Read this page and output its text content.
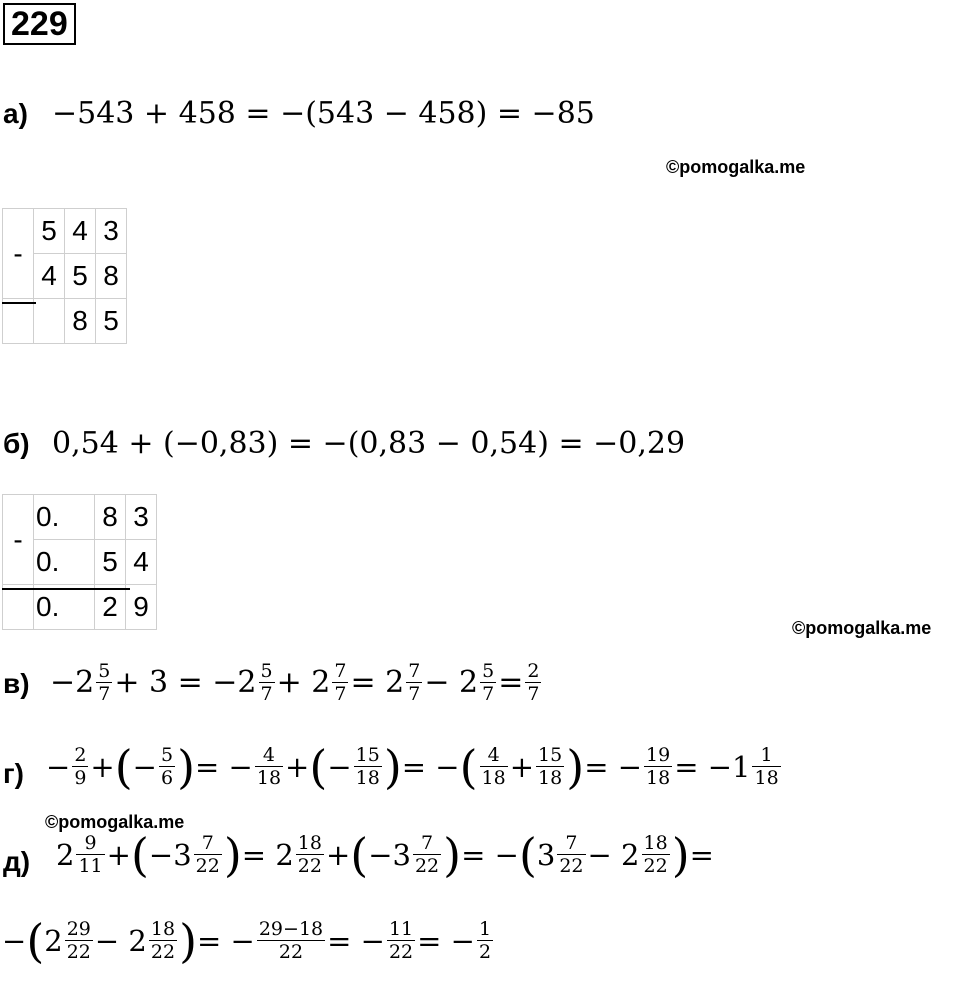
229
а) −543 + 458 = −(543 − 458) = −85
©pomogalka.me
-	5	4	3
	4	5	8
		8	5
б) 0,54 + (−0,83) = −(0,83 − 0,54) = −0,29
-	0.	8	3
	0.	5	4
	0.	2	9
©pomogalka.me
$в) -2 \frac{5}{7} + 3 = -2 \frac{5}{7} + 2 \frac{7}{7} = 2 \frac{7}{7} - 2 \frac{5}{7} = \frac{2}{7}$
$г) - \frac{2}{9}$ + ( − $\frac{5}{6}$ ) = − $\frac{4}{18}$ + ( − $\frac{15}{18}$ ) = − ( $\frac{4}{18} + \frac{15}{18}$ ) = − $\frac{19}{18} = -1 \frac{1}{18}$
©pomogalka.me
д) $2 \frac{9}{11}$ + ( $-3 \frac{7}{22}$ ) = $2 \frac{18}{22}$ + ( $-3 \frac{7}{22}$ ) = − ( $3 \frac{7}{22} - 2 \frac{18}{22}$ ) =
− ( $2 \frac{29}{22} - 2 \frac{18}{22}$ ) = − $\frac{29-18}{22}$ = − $\frac{11}{22}$ = − $\frac{1}{2}$
